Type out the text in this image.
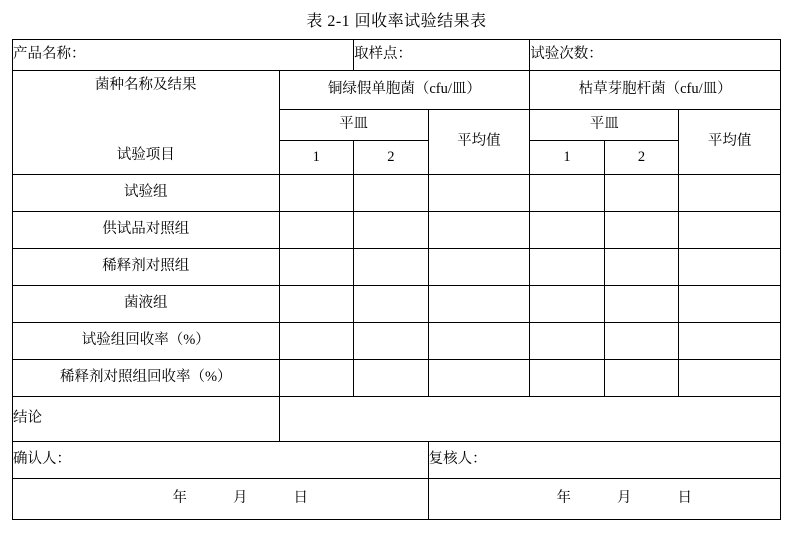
表 2-1 回收率试验结果表
产品名称：		取样点：		试验次数：		

菌种名称及结果
试验项目	铜绿假单胞菌（cfu/皿）			枯草芽胞杆菌（cfu/皿）		
	平皿		平均值	平皿		平均值
	1	2		1	2	
试验组						
供试品对照组						
稀释剂对照组						
菌液组						
试验组回收率（%）						
稀释剂对照组回收率（%）						
结论						
确认人：			复核人：			

年 月 日			年 月 日			
